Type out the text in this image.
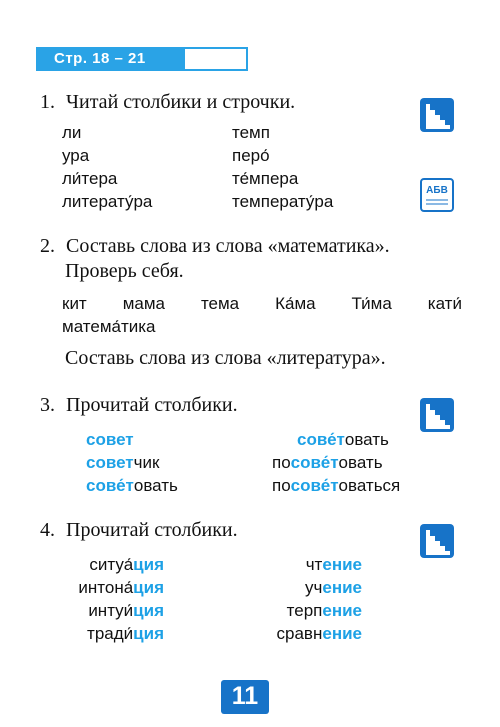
Стр. 18 – 21
1. Читай столбики и строчки.
ли
ура
ли́тера
литерату́ра
темп
перо́
те́мпера
температу́ра
АБВ
2. Составь слова из слова «математика».
Проверь себя.
кит мама тема Ка́ма Ти́ма кати́
матема́тика
Составь слова из слова «литература».
3. Прочитай столбики.
совет
советчик
сове́товать
сове́товать
посове́товать
посове́товаться
4. Прочитай столбики.
ситуа́ция
интона́ция
интуи́ция
тради́ция
чтение
учение
терпение
сравнение
11
